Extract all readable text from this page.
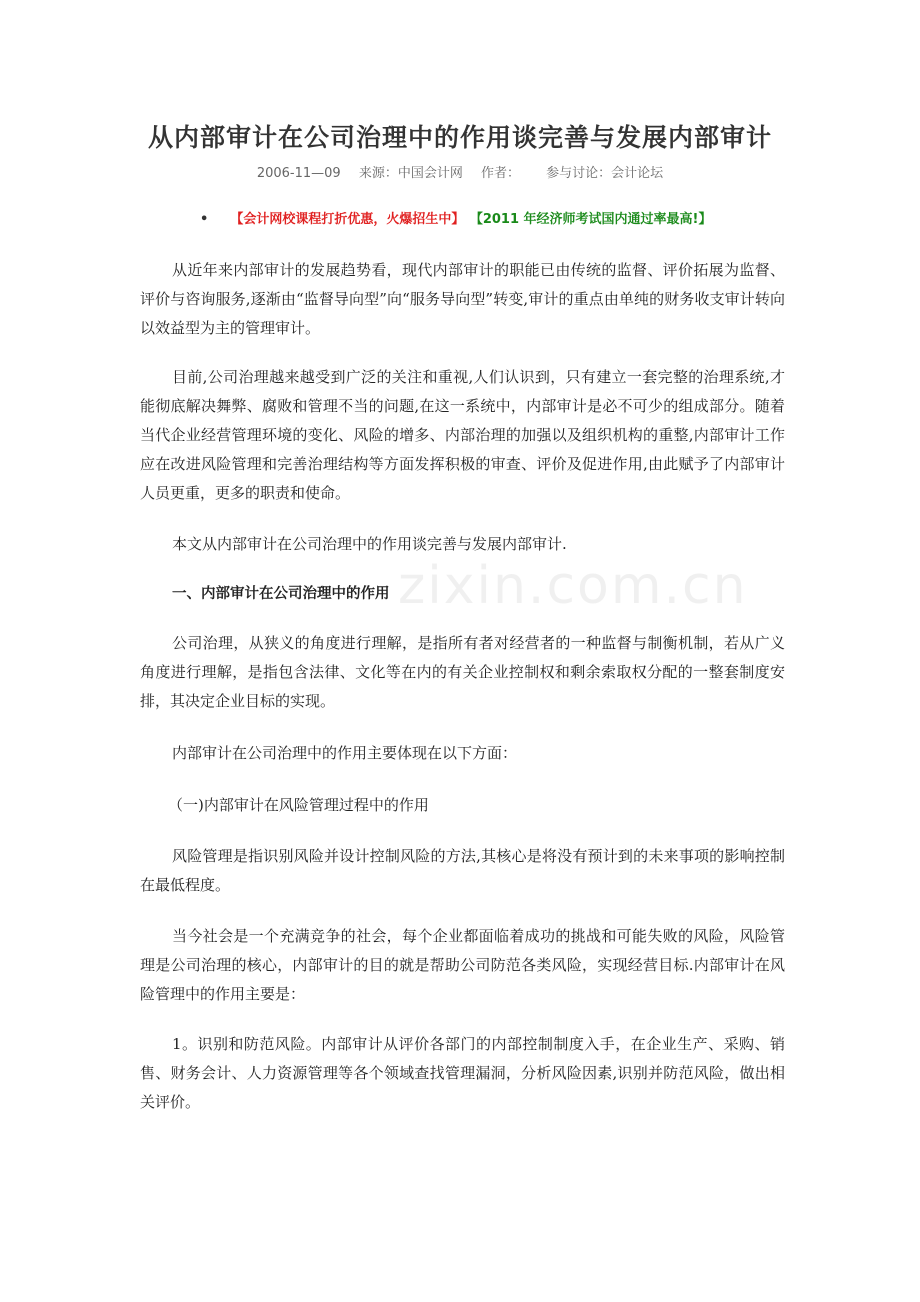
从内部审计在公司治理中的作用谈完善与发展内部审计
2006-11—09 来源：中国会计网 作者： 参与讨论：会计论坛
• 【会计网校课程打折优惠，火爆招生中】 【2011 年经济师考试国内通过率最高!】
从近年来内部审计的发展趋势看，现代内部审计的职能已由传统的监督、评价拓展为监督、评价与咨询服务,逐渐由“监督导向型”向“服务导向型”转变,审计的重点由单纯的财务收支审计转向以效益型为主的管理审计。
目前,公司治理越来越受到广泛的关注和重视,人们认识到，只有建立一套完整的治理系统,才能彻底解决舞弊、腐败和管理不当的问题,在这一系统中，内部审计是必不可少的组成部分。随着当代企业经营管理环境的变化、风险的增多、内部治理的加强以及组织机构的重整,内部审计工作应在改进风险管理和完善治理结构等方面发挥积极的审查、评价及促进作用,由此赋予了内部审计人员更重，更多的职责和使命。
本文从内部审计在公司治理中的作用谈完善与发展内部审计.
一、内部审计在公司治理中的作用
公司治理，从狭义的角度进行理解，是指所有者对经营者的一种监督与制衡机制，若从广义角度进行理解，是指包含法律、文化等在内的有关企业控制权和剩余索取权分配的一整套制度安排，其决定企业目标的实现。
内部审计在公司治理中的作用主要体现在以下方面：
（一)内部审计在风险管理过程中的作用
风险管理是指识别风险并设计控制风险的方法,其核心是将没有预计到的未来事项的影响控制在最低程度。
当今社会是一个充满竞争的社会，每个企业都面临着成功的挑战和可能失败的风险，风险管理是公司治理的核心，内部审计的目的就是帮助公司防范各类风险，实现经营目标.内部审计在风险管理中的作用主要是：
1。识别和防范风险。内部审计从评价各部门的内部控制制度入手，在企业生产、采购、销售、财务会计、人力资源管理等各个领域查找管理漏洞，分析风险因素,识别并防范风险，做出相关评价。
zixin.com.cn
